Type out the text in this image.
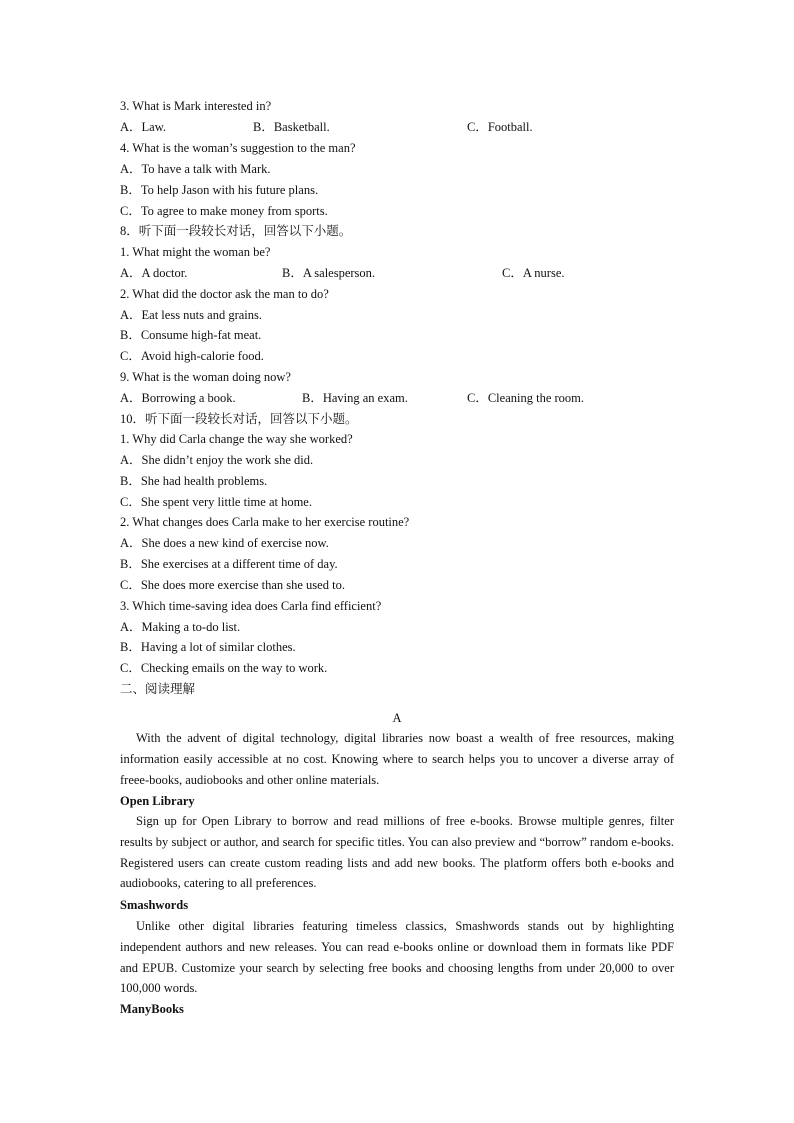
3. What is Mark interested in?
A．Law.	B．Basketball.	C．Football.
4. What is the woman’s suggestion to the man?
A．To have a talk with Mark.
B．To help Jason with his future plans.
C．To agree to make money from sports.
8．听下面一段较长对话，回答以下小题。
1. What might the woman be?
A．A doctor.	B．A salesperson.	C．A nurse.
2. What did the doctor ask the man to do?
A．Eat less nuts and grains.
B．Consume high-fat meat.
C．Avoid high-calorie food.
9. What is the woman doing now?
A．Borrowing a book.	B．Having an exam.	C．Cleaning the room.
10．听下面一段较长对话，回答以下小题。
1. Why did Carla change the way she worked?
A．She didn’t enjoy the work she did.
B．She had health problems.
C．She spent very little time at home.
2. What changes does Carla make to her exercise routine?
A．She does a new kind of exercise now.
B．She exercises at a different time of day.
C．She does more exercise than she used to.
3. Which time-saving idea does Carla find efficient?
A．Making a to-do list.
B．Having a lot of similar clothes.
C．Checking emails on the way to work.
二、阅读理解
A
With the advent of digital technology, digital libraries now boast a wealth of free resources, making information easily accessible at no cost. Knowing where to search helps you to uncover a diverse array of freee-books, audiobooks and other online materials.
Open Library
Sign up for Open Library to borrow and read millions of free e-books. Browse multiple genres, filter results by subject or author, and search for specific titles. You can also preview and “borrow” random e-books. Registered users can create custom reading lists and add new books. The platform offers both e-books and audiobooks, catering to all preferences.
Smashwords
Unlike other digital libraries featuring timeless classics, Smashwords stands out by highlighting independent authors and new releases. You can read e-books online or download them in formats like PDF and EPUB. Customize your search by selecting free books and choosing lengths from under 20,000 to over 100,000 words.
ManyBooks
